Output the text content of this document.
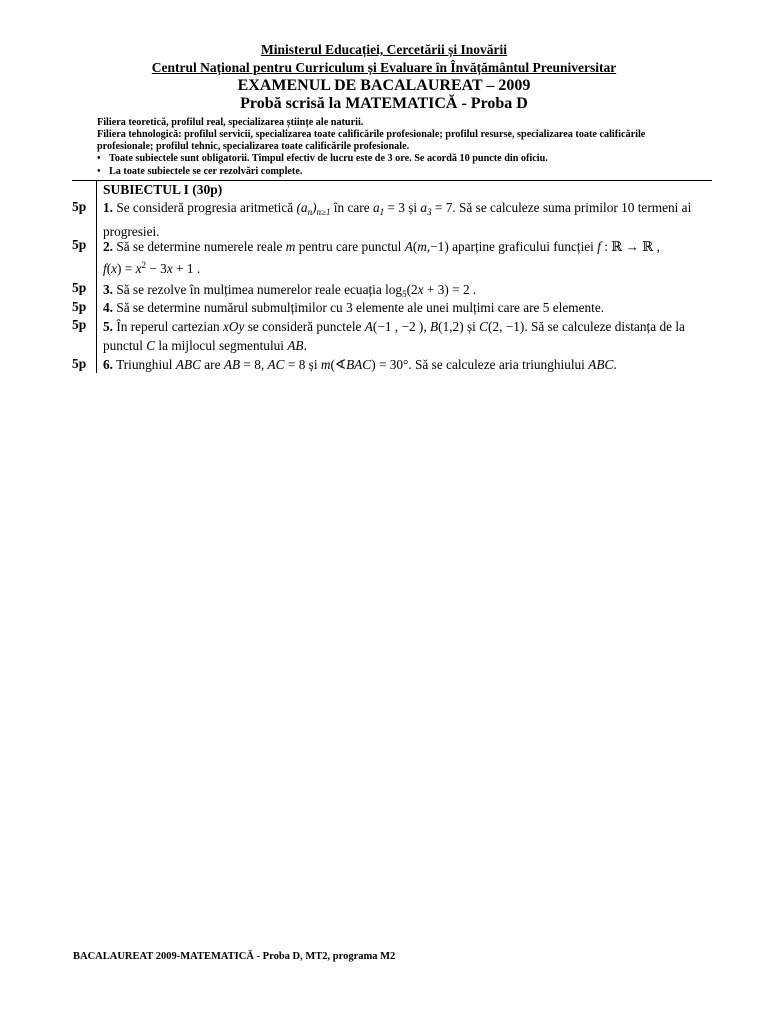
Ministerul Educației, Cercetării și Inovării
Centrul Național pentru Curriculum și Evaluare în Învățământul Preuniversitar
EXAMENUL DE BACALAUREAT – 2009
Probă scrisă la MATEMATICĂ - Proba D
Filiera teoretică, profilul real, specializarea științe ale naturii.
Filiera tehnologică: profilul servicii, specializarea toate calificările profesionale; profilul resurse, specializarea toate calificările profesionale; profilul tehnic, specializarea toate calificările profesionale.
• Toate subiectele sunt obligatorii. Timpul efectiv de lucru este de 3 ore. Se acordă 10 puncte din oficiu.
• La toate subiectele se cer rezolvări complete.
SUBIECTUL I (30p)
5p
5p
5p
5p
5p
5p
1. Se consideră progresia aritmetică $(a_n)_{n\ge 1}$ în care $a_1 = 3$ și $a_3 = 7$. Să se calculeze suma primilor 10 termeni ai progresiei.
2. Să se determine numerele reale m pentru care punctul A(m,−1) aparține graficului funcției f : ℝ → ℝ ,
$f(x) = x^2 - 3x + 1$ .
3. Să se rezolve în mulțimea numerelor reale ecuația $\log_5(2x + 3) = 2$ .
4. Să se determine numărul submulțimilor cu 3 elemente ale unei mulțimi care are 5 elemente.
5. În reperul cartezian xOy se consideră punctele A(−1 , −2 ), B(1,2) și C(2, −1). Să se calculeze distanța de la punctul C la mijlocul segmentului AB.
6. Triunghiul ABC are AB = 8, AC = 8 și m(∢BAC) = 30°. Să se calculeze aria triunghiului ABC.
BACALAUREAT 2009-MATEMATICĂ - Proba D, MT2, programa M2
